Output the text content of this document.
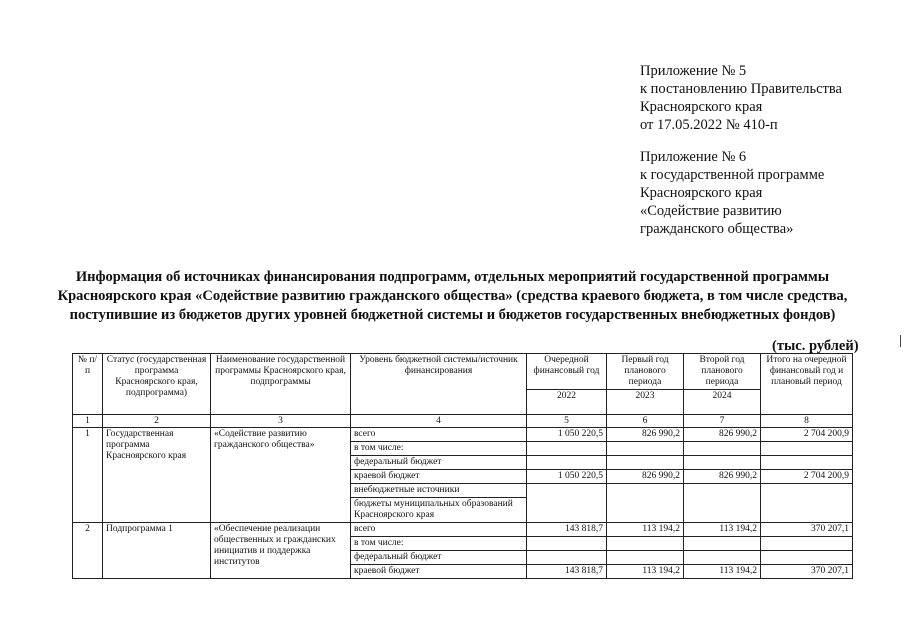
Приложение № 5
к постановлению Правительства
Красноярского края
от 17.05.2022 № 410-п
Приложение № 6
к государственной программе
Красноярского края
«Содействие развитию
гражданского общества»
Информация об источниках финансирования подпрограмм, отдельных мероприятий государственной программы
Красноярского края «Содействие развитию гражданского общества» (средства краевого бюджета, в том числе средства,
поступившие из бюджетов других уровней бюджетной системы и бюджетов государственных внебюджетных фондов)
(тыс. рублей)
№ п/п	Статус (государственная программа Красноярского края, подпрограмма)	Наименование государственной программы Красноярского края, подпрограммы	Уровень бюджетной системы/источник финансирования	Очередной финансовый год	Первый год планового периода	Второй год планового периода	Итого на очередной финансовый год и плановый период
				2022	2023	2024	
1	2	3	4	5	6	7	8
1	Государственная программа Красноярского края	«Содействие развитию гражданского общества»	всего	1 050 220,5	826 990,2	826 990,2	2 704 200,9
			в том числе:				
			федеральный бюджет				
			краевой бюджет	1 050 220,5	826 990,2	826 990,2	2 704 200,9
			внебюджетные источники				
			бюджеты муниципальных образований Красноярского края				
2	Подпрограмма 1	«Обеспечение реализации общественных и гражданских инициатив и поддержка институтов	всего	143 818,7	113 194,2	113 194,2	370 207,1
			в том числе:				
			федеральный бюджет				
			краевой бюджет	143 818,7	113 194,2	113 194,2	370 207,1
